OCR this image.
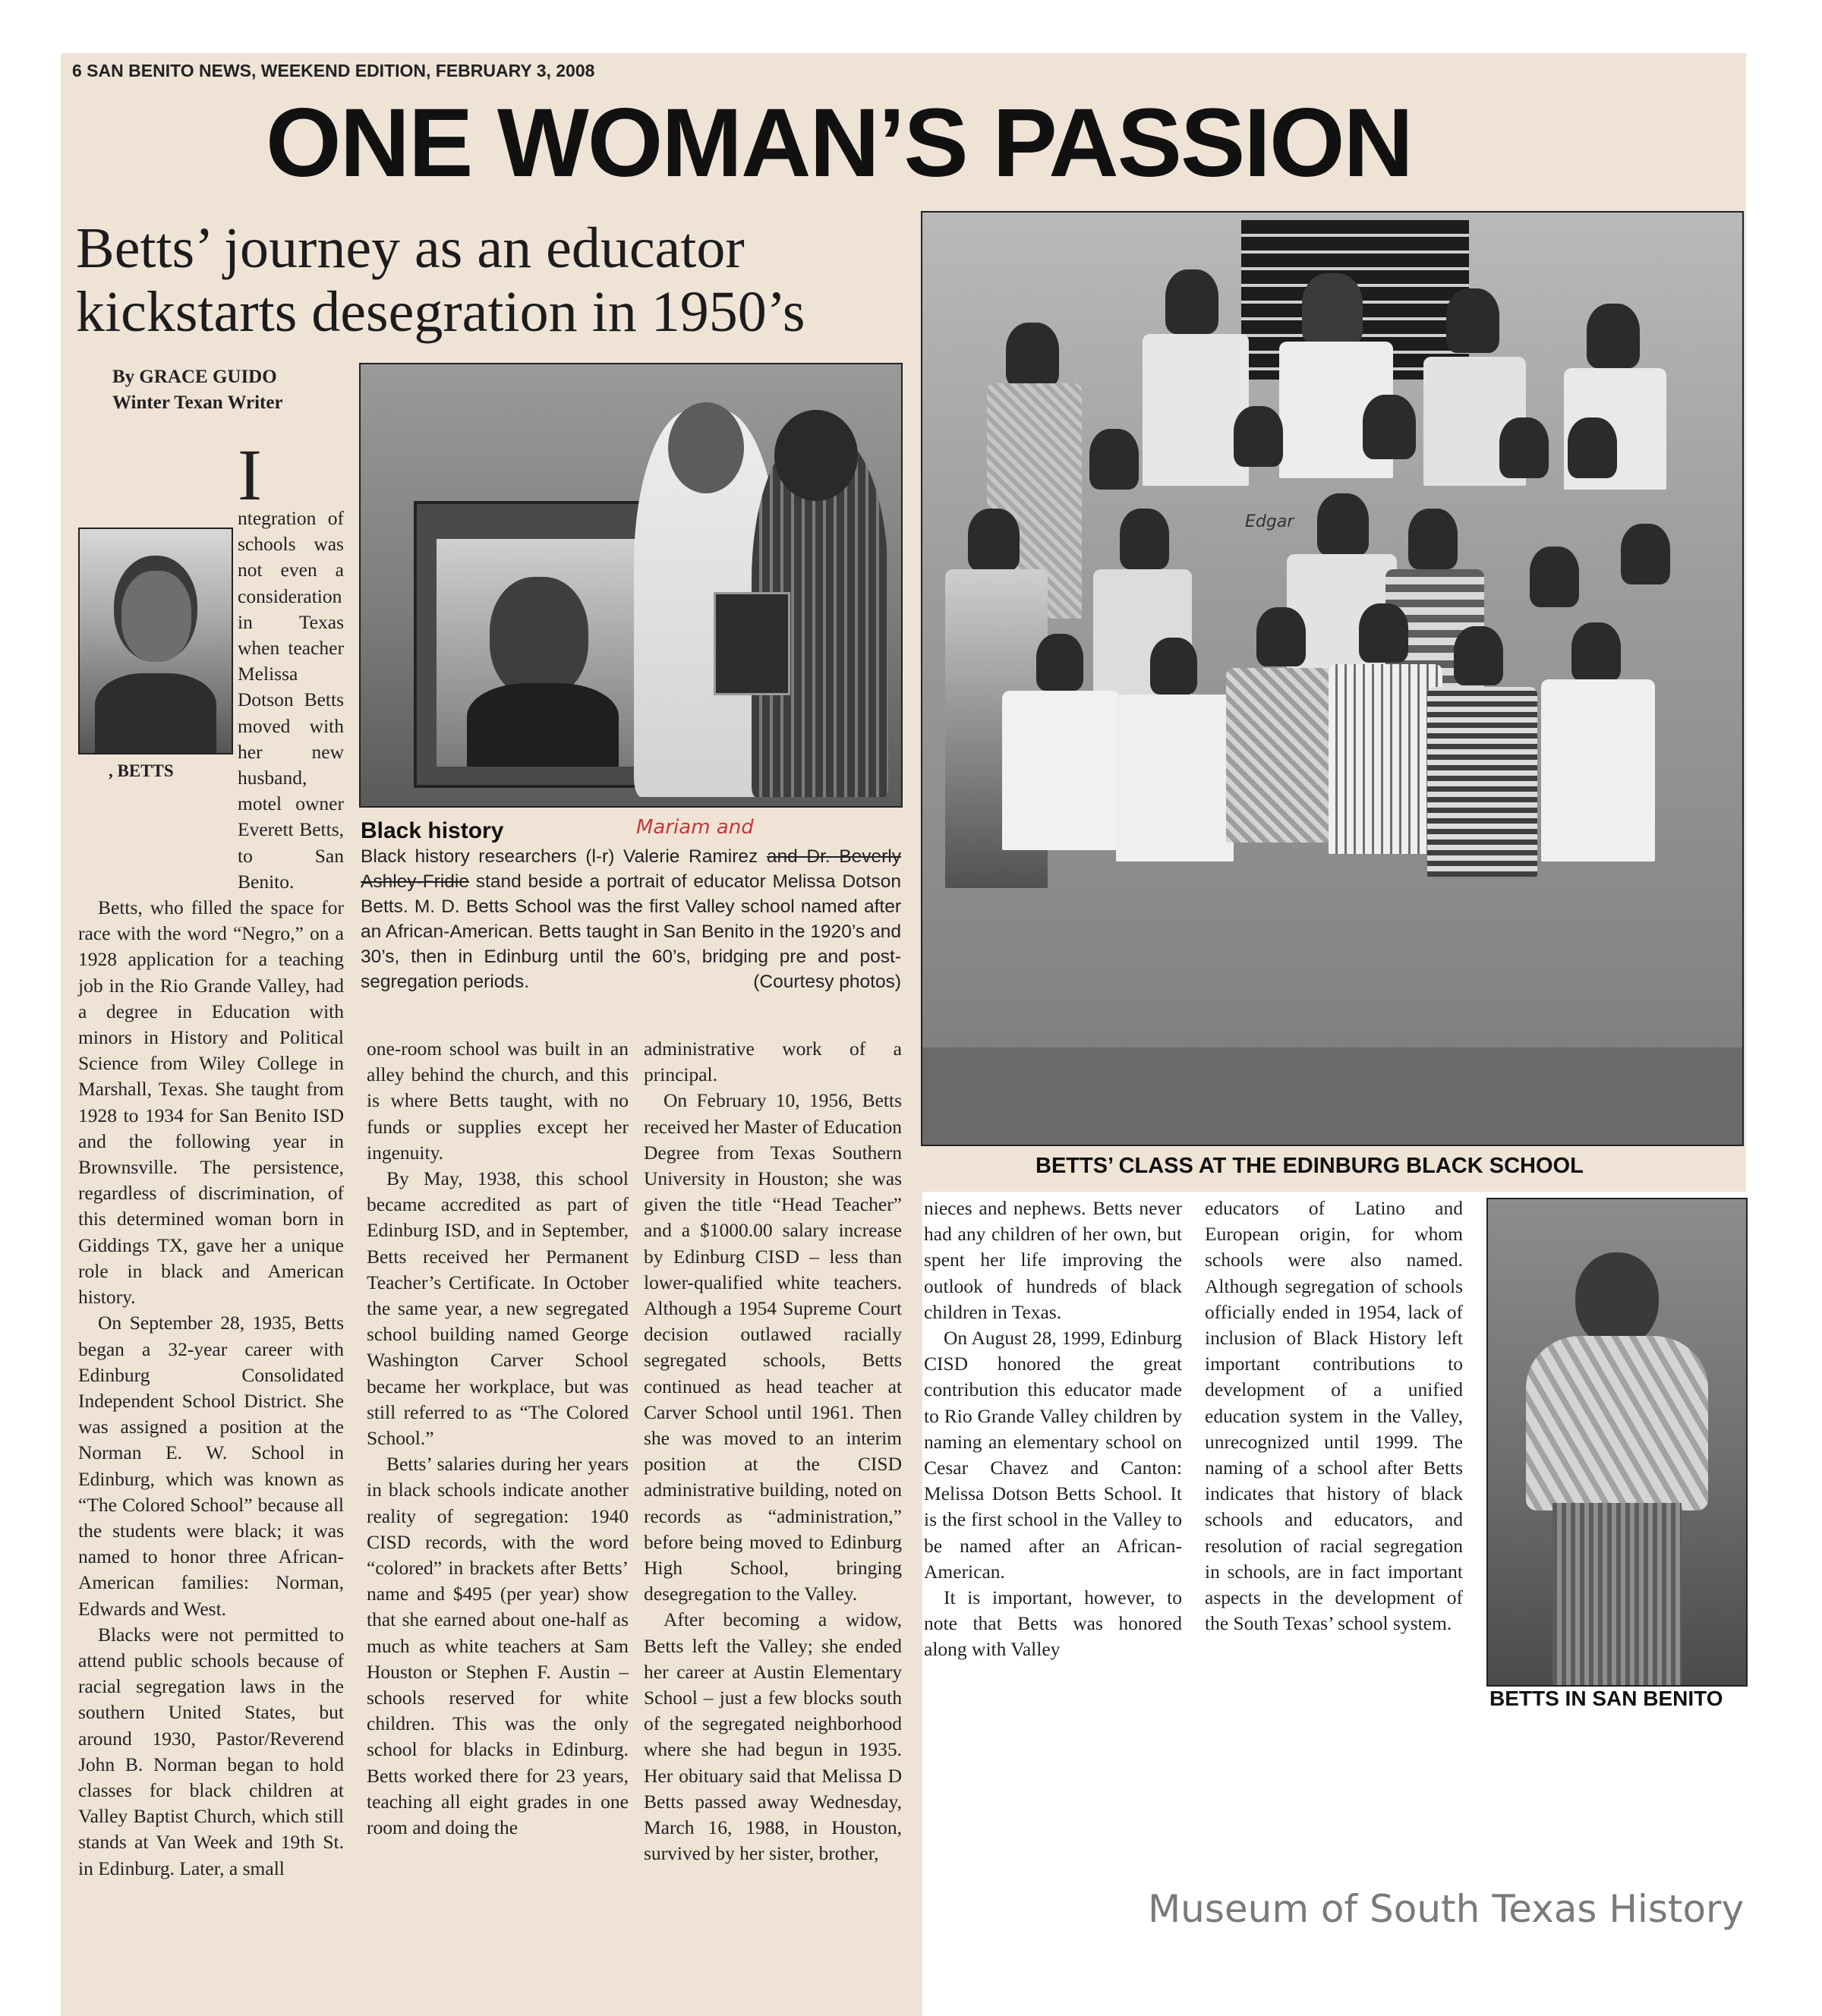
6 SAN BENITO NEWS, WEEKEND EDITION, FEBRUARY 3, 2008
ONE WOMAN’S PASSION
Betts’ journey as an educator
kickstarts desegration in 1950’s
By GRACE GUIDO
Winter Texan Writer
, BETTS

I
ntegration of schools was not even a consideration in Texas when teacher Melissa Dotson Betts moved with her new husband, motel owner Everett Betts, to San Benito.

Betts, who filled the space for race with the word “Negro,” on a 1928 application for a teaching job in the Rio Grande Valley, had a degree in Education with minors in History and Political Science from Wiley College in Marshall, Texas. She taught from 1928 to 1934 for San Benito ISD and the following year in Brownsville. The persistence, regardless of discrimination, of this determined woman born in Giddings TX, gave her a unique role in black and American history.

On September 28, 1935, Betts began a 32-year career with Edinburg Consolidated Independent School District. She was assigned a position at the Norman E. W. School in Edinburg, which was known as “The Colored School” because all the students were black; it was named to honor three African-American families: Norman, Edwards and West.

Blacks were not permitted to attend public schools because of racial segregation laws in the southern United States, but around 1930, Pastor/Reverend John B. Norman began to hold classes for black children at Valley Baptist Church, which still stands at Van Week and 19th St. in Edinburg. Later, a small

Black history
Black history researchers (l-r) Valerie Ramirez and Dr. Beverly Ashley-Fridie stand beside a portrait of educator Melissa Dotson Betts. M. D. Betts School was the first Valley school named after an African-American. Betts taught in San Benito in the 1920’s and 30’s, then in Edinburg until the 60’s, bridging pre and post-segregation periods.	(Courtesy photos)
Mariam and

one-room school was built in an alley behind the church, and this is where Betts taught, with no funds or supplies except her ingenuity.

By May, 1938, this school became accredited as part of Edinburg ISD, and in September, Betts received her Permanent Teacher’s Certificate. In October the same year, a new segregated school building named George Washington Carver School became her workplace, but was still referred to as “The Colored School.”

Betts’ salaries during her years in black schools indicate another reality of segregation: 1940 CISD records, with the word “colored” in brackets after Betts’ name and $495 (per year) show that she earned about one-half as much as white teachers at Sam Houston or Stephen F. Austin – schools reserved for white children. This was the only school for blacks in Edinburg. Betts worked there for 23 years, teaching all eight grades in one room and doing the

administrative work of a principal.

On February 10, 1956, Betts received her Master of Education Degree from Texas Southern University in Houston; she was given the title “Head Teacher” and a $1000.00 salary increase by Edinburg CISD – less than lower-qualified white teachers. Although a 1954 Supreme Court decision outlawed racially segregated schools, Betts continued as head teacher at Carver School until 1961. Then she was moved to an interim position at the CISD administrative building, noted on records as “administration,” before being moved to Edinburg High School, bringing desegregation to the Valley.

After becoming a widow, Betts left the Valley; she ended her career at Austin Elementary School – just a few blocks south of the segregated neighborhood where she had begun in 1935. Her obituary said that Melissa D Betts passed away Wednesday, March 16, 1988, in Houston, survived by her sister, brother,

Edgar
BETTS’ CLASS AT THE EDINBURG BLACK SCHOOL

nieces and nephews. Betts never had any children of her own, but spent her life improving the outlook of hundreds of black children in Texas.

On August 28, 1999, Edinburg CISD honored the great contribution this educator made to Rio Grande Valley children by naming an elementary school on Cesar Chavez and Canton: Melissa Dotson Betts School. It is the first school in the Valley to be named after an African-American.

It is important, however, to note that Betts was honored along with Valley

educators of Latino and European origin, for whom schools were also named. Although segregation of schools officially ended in 1954, lack of inclusion of Black History left important contributions to development of a unified education system in the Valley, unrecognized until 1999. The naming of a school after Betts indicates that history of black schools and educators, and resolution of racial segregation in schools, are in fact important aspects in the development of the South Texas’ school system.

BETTS IN SAN BENITO
Museum of South Texas History
